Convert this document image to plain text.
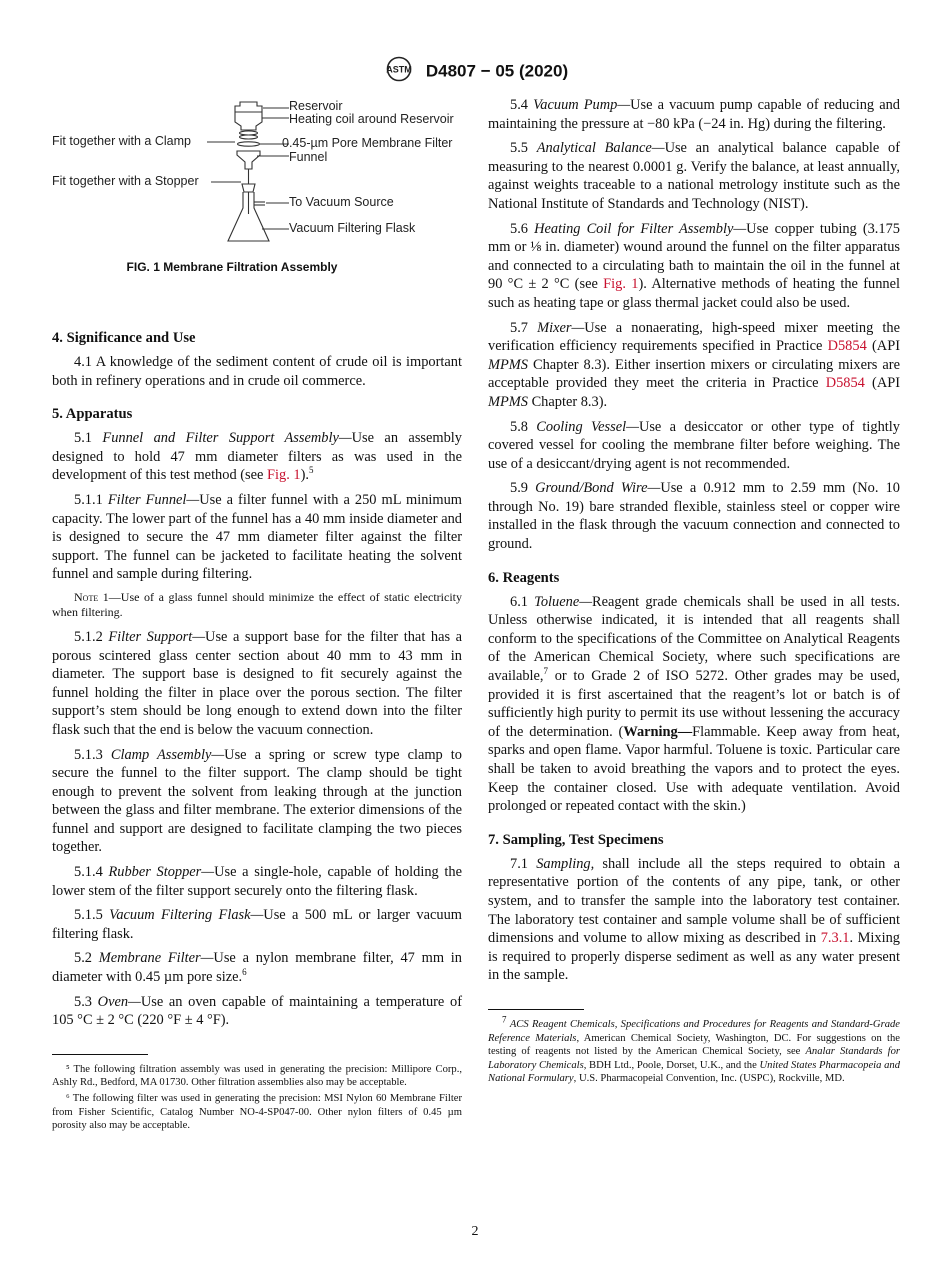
ASTM D4807 − 05 (2020)
Reservoir
Heating coil around Reservoir
0.45-µm Pore Membrane Filter
Funnel
Fit together with a Clamp
Fit together with a Stopper
To Vacuum Source
Vacuum Filtering Flask
FIG. 1 Membrane Filtration Assembly
4. Significance and Use

4.1 A knowledge of the sediment content of crude oil is important both in refinery operations and in crude oil commerce.

5. Apparatus

5.1 Funnel and Filter Support Assembly—Use an assembly designed to hold 47 mm diameter filters as was used in the development of this test method (see Fig. 1).$^5$

5.1.1 Filter Funnel—Use a filter funnel with a 250 mL minimum capacity. The lower part of the funnel has a 40 mm inside diameter and is designed to secure the 47 mm diameter filter against the filter support. The funnel can be jacketed to facilitate heating the solvent funnel and sample during filtering.

Note 1—Use of a glass funnel should minimize the effect of static electricity when filtering.

5.1.2 Filter Support—Use a support base for the filter that has a porous scintered glass center section about 40 mm to 43 mm in diameter. The support base is designed to fit securely against the funnel holding the filter in place over the porous section. The filter support’s stem should be long enough to extend down into the filter flask such that the end is below the vacuum connection.

5.1.3 Clamp Assembly—Use a spring or screw type clamp to secure the funnel to the filter support. The clamp should be tight enough to prevent the solvent from leaking through at the junction between the glass and filter membrane. The exterior dimensions of the funnel and support are designed to facilitate clamping the two pieces together.

5.1.4 Rubber Stopper—Use a single-hole, capable of holding the lower stem of the filter support securely onto the filtering flask.

5.1.5 Vacuum Filtering Flask—Use a 500 mL or larger vacuum filtering flask.

5.2 Membrane Filter—Use a nylon membrane filter, 47 mm in diameter with 0.45 µm pore size.$^6$

5.3 Oven—Use an oven capable of maintaining a temperature of 105 °C ± 2 °C (220 °F ± 4 °F).

⁵ The following filtration assembly was used in generating the precision: Millipore Corp., Ashly Rd., Bedford, MA 01730. Other filtration assemblies also may be acceptable.
⁶ The following filter was used in generating the precision: MSI Nylon 60 Membrane Filter from Fisher Scientific, Catalog Number NO-4-SP047-00. Other nylon filters of 0.45 µm porosity also may be acceptable.

5.4 Vacuum Pump—Use a vacuum pump capable of reducing and maintaining the pressure at −80 kPa (−24 in. Hg) during the filtering.

5.5 Analytical Balance—Use an analytical balance capable of measuring to the nearest 0.0001 g. Verify the balance, at least annually, against weights traceable to a national metrology institute such as the National Institute of Standards and Technology (NIST).

5.6 Heating Coil for Filter Assembly—Use copper tubing (3.175 mm or ⅛ in. diameter) wound around the funnel on the filter apparatus and connected to a circulating bath to maintain the oil in the funnel at 90 °C ± 2 °C (see Fig. 1). Alternative methods of heating the funnel such as heating tape or glass thermal jacket could also be used.

5.7 Mixer—Use a nonaerating, high-speed mixer meeting the verification efficiency requirements specified in Practice D5854 (API MPMS Chapter 8.3). Either insertion mixers or circulating mixers are acceptable provided they meet the criteria in Practice D5854 (API MPMS Chapter 8.3).

5.8 Cooling Vessel—Use a desiccator or other type of tightly covered vessel for cooling the membrane filter before weighing. The use of a desiccant/drying agent is not recommended.

5.9 Ground/Bond Wire—Use a 0.912 mm to 2.59 mm (No. 10 through No. 19) bare stranded flexible, stainless steel or copper wire installed in the flask through the vacuum connection and connected to ground.

6. Reagents

6.1 Toluene—Reagent grade chemicals shall be used in all tests. Unless otherwise indicated, it is intended that all reagents shall conform to the specifications of the Committee on Analytical Reagents of the American Chemical Society, where such specifications are available,$^7$ or to Grade 2 of ISO 5272. Other grades may be used, provided it is first ascertained that the reagent’s lot or batch is of sufficiently high purity to permit its use without lessening the accuracy of the determination. (Warning—Flammable. Keep away from heat, sparks and open flame. Vapor harmful. Toluene is toxic. Particular care shall be taken to avoid breathing the vapors and to protect the eyes. Keep the container closed. Use with adequate ventilation. Avoid prolonged or repeated contact with the skin.)

7. Sampling, Test Specimens

7.1 Sampling, shall include all the steps required to obtain a representative portion of the contents of any pipe, tank, or other system, and to transfer the sample into the laboratory test container. The laboratory test container and sample volume shall be of sufficient dimensions and volume to allow mixing as described in 7.3.1. Mixing is required to properly disperse sediment as well as any water present in the sample.

$^7$ ACS Reagent Chemicals, Specifications and Procedures for Reagents and Standard-Grade Reference Materials, American Chemical Society, Washington, DC. For suggestions on the testing of reagents not listed by the American Chemical Society, see Analar Standards for Laboratory Chemicals, BDH Ltd., Poole, Dorset, U.K., and the United States Pharmacopeia and National Formulary, U.S. Pharmacopeial Convention, Inc. (USPC), Rockville, MD.
2
